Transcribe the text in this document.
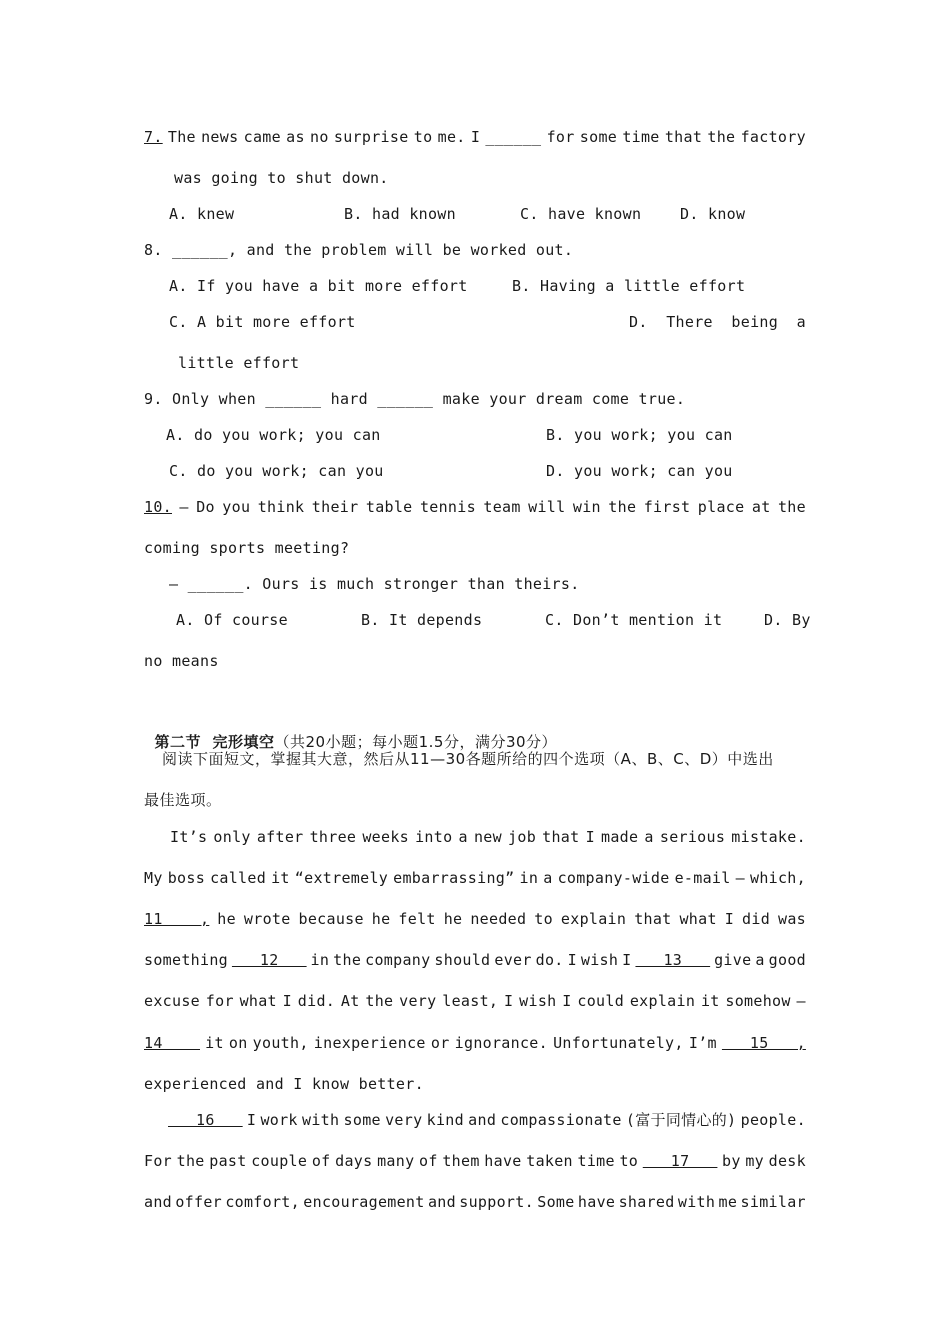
7. The news came as no surprise to me. I ______ for some time that the factory
was going to shut down.
A. knew	B. had known	C. have known	D. know
8. ______, and the problem will be worked out.
A. If you have a bit more effort	B. Having a little effort
C. A bit more effort	D. There being a
little effort
9. Only when ______ hard ______ make your dream come true.
A. do you work; you can	B. you work; you can
C. do you work; can you	D. you work; can you
10. — Do you think their table tennis team will win the first place at the
coming sports meeting?
— ______. Ours is much stronger than theirs.
A. Of course	B. It depends	C. Don’t mention it	D. By
no means

第二节  完形填空（共20小题；每小题1.5分，满分30分）

阅读下面短文，掌握其大意，然后从11—30各题所给的四个选项（A、B、C、D）中选出
最佳选项。
It’s only after three weeks into a new job that I made a serious mistake.
My boss called it “extremely embarrassing” in a company-wide e-mail — which,
11    , he wrote because he felt he needed to explain that what I did was
something 12 in the company should ever do. I wish I 13 give a good
excuse for what I did. At the very least, I wish I could explain it somehow —
14 it on youth, inexperience or ignorance. Unfortunately, I’m 15   ,
experienced and I know better.
16 I work with some very kind and compassionate (富于同情心的) people.
For the past couple of days many of them have taken time to 17 by my desk
and offer comfort, encouragement and support. Some have shared with me similar
